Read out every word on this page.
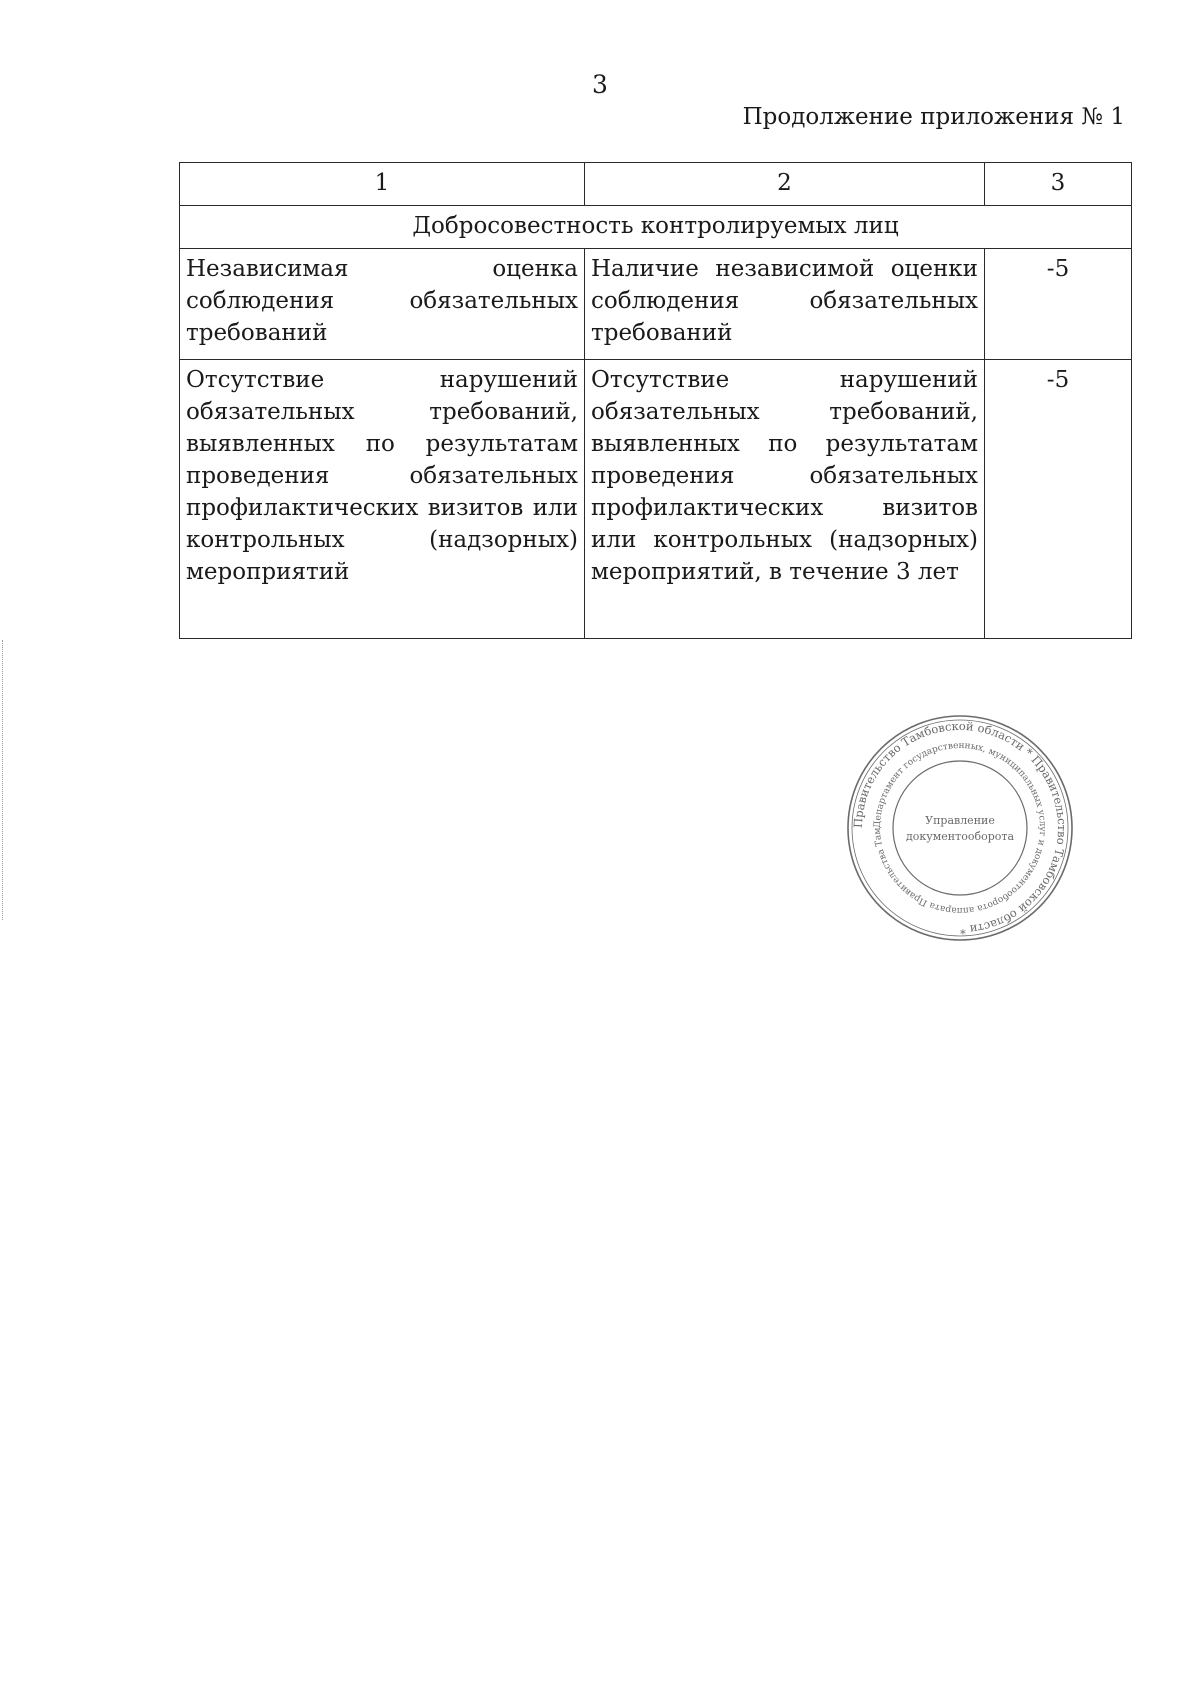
3
Продолжение приложения № 1
1	2	3
Добросовестность контролируемых лиц		
Независимая оценка соблюдения обязательных требований	Наличие независимой оценки соблюдения обязательных требований	-5
Отсутствие нарушений обязательных требований, выявленных по результатам проведения обязательных профилактических визитов или контрольных (надзорных) мероприятий	Отсутствие нарушений обязательных требований, выявленных по результатам проведения обязательных профилактических визитов или контрольных (надзорных) мероприятий, в течение 3 лет	-5
Правительство Тамбовской области * Правительство Тамбовской области *
Департамент государственных, муниципальных услуг и документооборота аппарата Правительства Там
Управление
документооборота
